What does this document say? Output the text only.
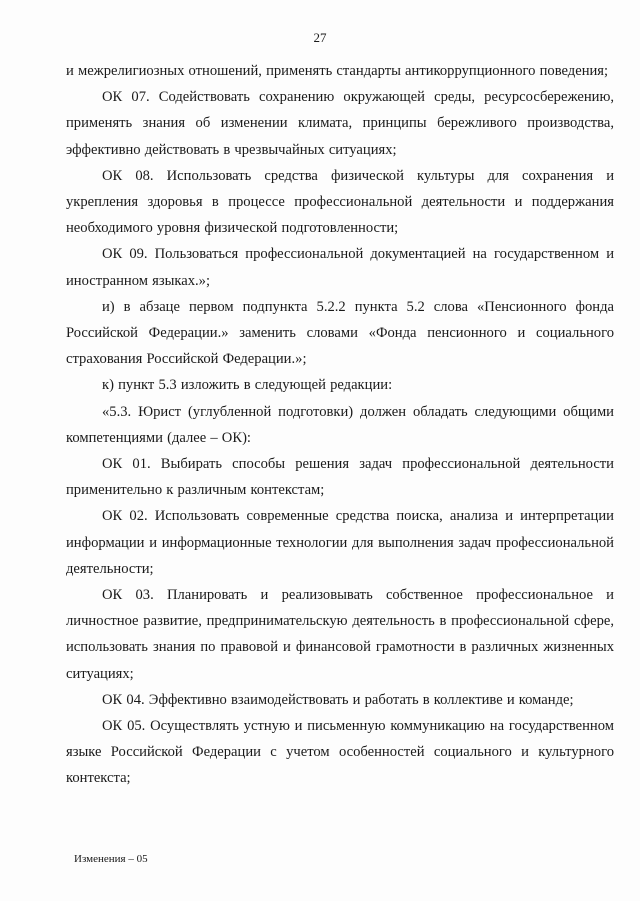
27

и межрелигиозных отношений, применять стандарты антикоррупционного поведения;

ОК 07. Содействовать сохранению окружающей среды, ресурсосбережению, применять знания об изменении климата, принципы бережливого производства, эффективно действовать в чрезвычайных ситуациях;

ОК 08. Использовать средства физической культуры для сохранения и укрепления здоровья в процессе профессиональной деятельности и поддержания необходимого уровня физической подготовленности;

ОК 09. Пользоваться профессиональной документацией на государственном и иностранном языках.»;

и) в абзаце первом подпункта 5.2.2 пункта 5.2 слова «Пенсионного фонда Российской Федерации.» заменить словами «Фонда пенсионного и социального страхования Российской Федерации.»;

к) пункт 5.3 изложить в следующей редакции:

«5.3. Юрист (углубленной подготовки) должен обладать следующими общими компетенциями (далее – ОК):

ОК 01. Выбирать способы решения задач профессиональной деятельности применительно к различным контекстам;

ОК 02. Использовать современные средства поиска, анализа и интерпретации информации и информационные технологии для выполнения задач профессиональной деятельности;

ОК 03. Планировать и реализовывать собственное профессиональное и личностное развитие, предпринимательскую деятельность в профессиональной сфере, использовать знания по правовой и финансовой грамотности в различных жизненных ситуациях;

ОК 04. Эффективно взаимодействовать и работать в коллективе и команде;

ОК 05. Осуществлять устную и письменную коммуникацию на государственном языке Российской Федерации с учетом особенностей социального и культурного контекста;

Изменения – 05
